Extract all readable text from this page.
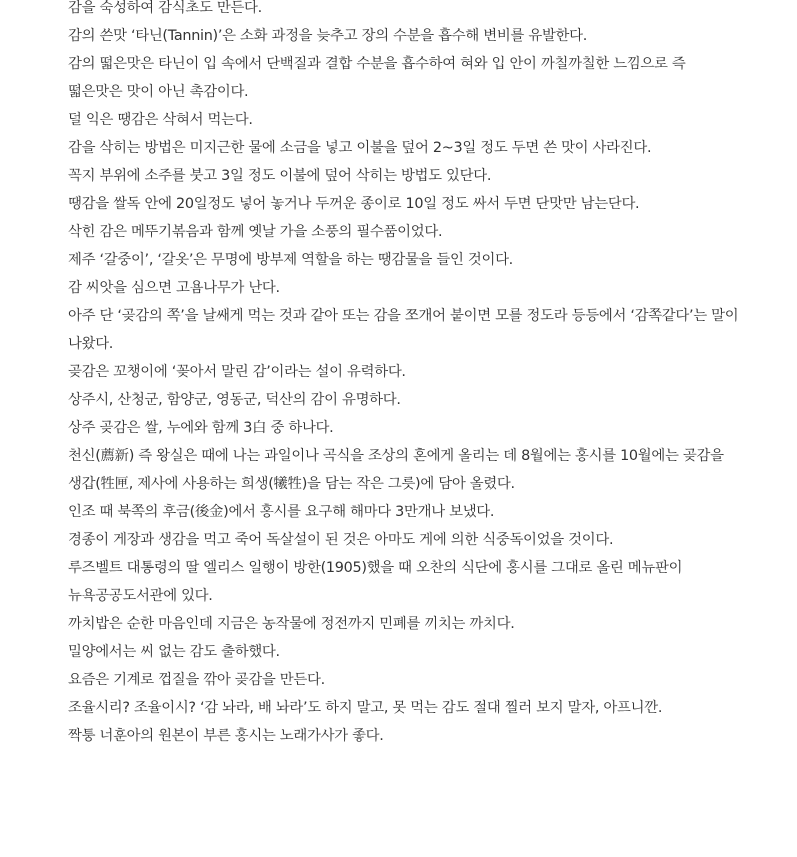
감을 숙성하여 감식초도 만든다.

감의 쓴맛 ‘타닌(Tannin)’은 소화 과정을 늦추고 장의 수분을 흡수해 변비를 유발한다.

감의 떫은맛은 타닌이 입 속에서 단백질과 결합 수분을 흡수하여 혀와 입 안이 까칠까칠한 느낌으로 즉 떫은맛은 맛이 아닌 촉감이다.

덜 익은 땡감은 삭혀서 먹는다.

감을 삭히는 방법은 미지근한 물에 소금을 넣고 이불을 덮어 2~3일 정도 두면 쓴 맛이 사라진다.

꼭지 부위에 소주를 붓고 3일 정도 이불에 덮어 삭히는 방법도 있단다.

땡감을 쌀독 안에 20일정도 넣어 놓거나 두꺼운 종이로 10일 정도 싸서 두면 단맛만 남는단다.

삭힌 감은 메뚜기볶음과 함께 옛날 가을 소풍의 필수품이었다.

제주 ‘갈중이’, ‘갈옷’은 무명에 방부제 역할을 하는 땡감물을 들인 것이다.

감 씨앗을 심으면 고욤나무가 난다.

아주 단 ‘곶감의 쪽’을 날쌔게 먹는 것과 같아 또는 감을 쪼개어 붙이면 모를 정도라 등등에서 ‘감쪽같다’는 말이 나왔다.

곶감은 꼬챙이에 ‘꽂아서 말린 감’이라는 설이 유력하다.

상주시, 산청군, 함양군, 영동군, 덕산의 감이 유명하다.

상주 곶감은 쌀, 누에와 함께 3白 중 하나다.

천신(薦新) 즉 왕실은 때에 나는 과일이나 곡식을 조상의 혼에게 올리는 데 8월에는 홍시를 10월에는 곶감을 생갑(牲匣, 제사에 사용하는 희생(犧牲)을 담는 작은 그릇)에 담아 올렸다.

인조 때 북쪽의 후금(後金)에서 홍시를 요구해 해마다 3만개나 보냈다.

경종이 게장과 생감을 먹고 죽어 독살설이 된 것은 아마도 게에 의한 식중독이었을 것이다.

루즈벨트 대통령의 딸 엘리스 일행이 방한(1905)했을 때 오찬의 식단에 홍시를 그대로 올린 메뉴판이 뉴욕공공도서관에 있다.

까치밥은 순한 마음인데 지금은 농작물에 정전까지 민폐를 끼치는 까치다.

밀양에서는 씨 없는 감도 출하했다.

요즘은 기계로 껍질을 깎아 곶감을 만든다.

조율시리? 조율이시? ‘감 놔라, 배 놔라’도 하지 말고, 못 먹는 감도 절대 찔러 보지 말자, 아프니깐.

짝퉁 너훈아의 원본이 부른 홍시는 노래가사가 좋다.
